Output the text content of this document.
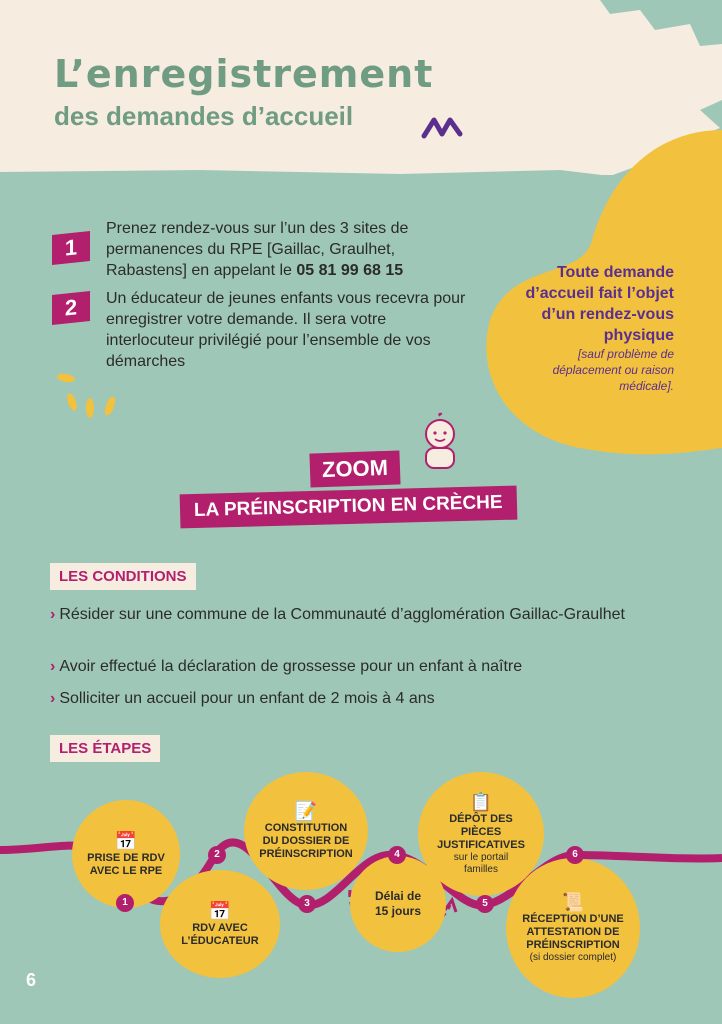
L’enregistrement
des demandes d’accueil
1
Prenez rendez-vous sur l’un des 3 sites de permanences du RPE [Gaillac, Graulhet, Rabastens] en appelant le 05 81 99 68 15
2	Un éducateur de jeunes enfants vous recevra pour enregistrer votre demande. Il sera votre interlocuteur privilégié pour l’ensemble de vos démarches
Toute demande d’accueil fait l’objet d’un rendez-vous physique
[sauf problème de déplacement ou raison médicale].
ZOOM
LA PRÉINSCRIPTION EN CRÈCHE
LES CONDITIONS
› Résider sur une commune de la Communauté d’agglomération Gaillac-Graulhet
› Avoir effectué la déclaration de grossesse pour un enfant à naître
› Solliciter un accueil pour un enfant de 2 mois à 4 ans
LES ÉTAPES
📅
PRISE DE RDV AVEC LE RPE
📅
RDV AVEC L’ÉDUCATEUR
📝
CONSTITUTION DU DOSSIER DE PRÉINSCRIPTION
Délai de 15 jours
📋
DÉPÔT DES PIÈCES JUSTIFICATIVES
sur le portail familles
📜
RÉCEPTION D’UNE ATTESTATION DE PRÉINSCRIPTION
(si dossier complet)
1
2
3
4
5
6
6
